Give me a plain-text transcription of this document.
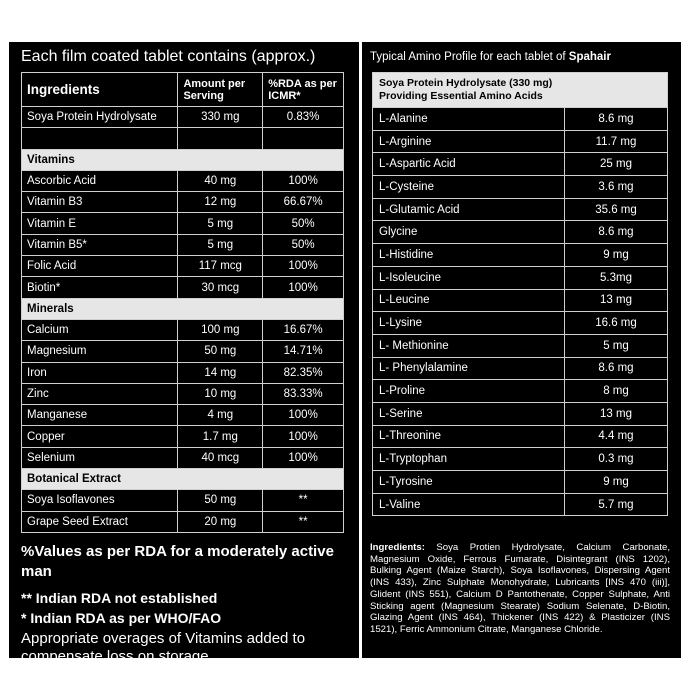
Each film coated tablet contains (approx.)
Ingredients	Amount per Serving	%RDA as per ICMR*
Soya Protein Hydrolysate	330 mg	0.83%

Vitamins		
Ascorbic Acid	40 mg	100%
Vitamin B3	12 mg	66.67%
Vitamin E	5 mg	50%
Vitamin B5*	5 mg	50%
Folic Acid	117 mcg	100%
Biotin*	30 mcg	100%
Minerals		
Calcium	100 mg	16.67%
Magnesium	50 mg	14.71%
Iron	14 mg	82.35%
Zinc	10 mg	83.33%
Manganese	4 mg	100%
Copper	1.7 mg	100%
Selenium	40 mcg	100%
Botanical Extract		
Soya Isoflavones	50 mg	**
Grape Seed Extract	20 mg	**
%Values as per RDA for a moderately active man
** Indian RDA not established
* Indian RDA as per WHO/FAO
Appropriate overages of Vitamins added to compensate loss on storage.
Typical Amino Profile for each tablet of Spahair
Soya Protein Hydrolysate (330 mg)
Providing Essential Amino Acids	

L-Alanine	8.6 mg
L-Arginine	11.7 mg
L-Aspartic Acid	25 mg
L-Cysteine	3.6 mg
L-Glutamic Acid	35.6 mg
Glycine	8.6 mg
L-Histidine	9 mg
L-Isoleucine	5.3mg
L-Leucine	13 mg
L-Lysine	16.6 mg
L- Methionine	5 mg
L- Phenylalamine	8.6 mg
L-Proline	8 mg
L-Serine	13 mg
L-Threonine	4.4 mg
L-Tryptophan	0.3 mg
L-Tyrosine	9 mg
L-Valine	5.7 mg
Ingredients: Soya Protien Hydrolysate, Calcium Carbonate, Magnesium Oxide, Ferrous Fumarate, Disintegrant (INS 1202), Bulking Agent (Maize Starch), Soya Isoflavones, Dispersing Agent (INS 433), Zinc Sulphate Monohydrate, Lubricants [INS 470 (iii)], Glident (INS 551), Calcium D Pantothenate, Copper Sulphate, Anti Sticking agent (Magnesium Stearate) Sodium Selenate, D-Biotin, Glazing Agent (INS 464), Thickener (INS 422) & Plasticizer (INS 1521), Ferric Ammonium Citrate, Manganese Chloride.
